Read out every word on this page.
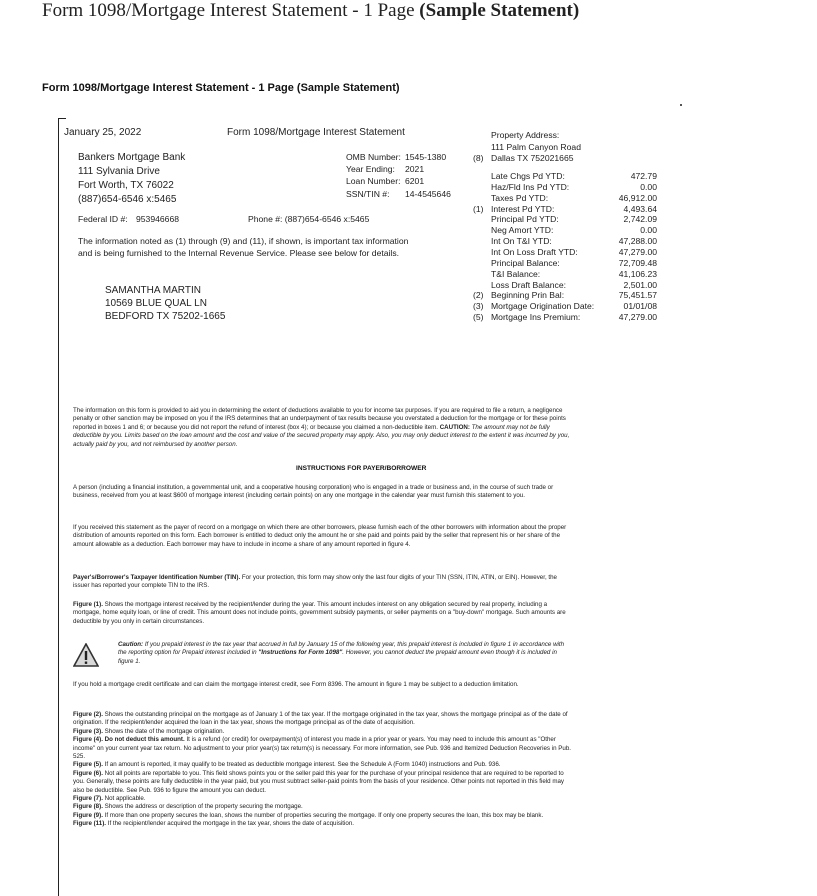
Form 1098/Mortgage Interest Statement - 1 Page (Sample Statement)
Form 1098/Mortgage Interest Statement - 1 Page (Sample Statement)
January 25, 2022	Form 1098/Mortgage Interest Statement
Bankers Mortgage Bank
111 Sylvania Drive
Fort Worth, TX 76022
(887)654-6546 x:5465
OMB Number: 1545-1380
Year Ending: 2021
Loan Number: 6201
SSN/TIN #: 14-4545646
Federal ID #: 953946668	Phone #: (887)654-6546 x:5465
The information noted as (1) through (9) and (11), if shown, is important tax information
and is being furnished to the Internal Revenue Service. Please see below for details.
SAMANTHA MARTIN
10569 BLUE QUAL LN
BEDFORD TX 75202-1665
Property Address:
111 Palm Canyon Road
(8) Dallas TX 752021665
Late Chgs Pd YTD:	472.79
Haz/Fld Ins Pd YTD:	0.00
Taxes Pd YTD:	46,912.00
(1) Interest Pd YTD:	4,493.64
Principal Pd YTD:	2,742.09
Neg Amort YTD:	0.00
Int On T&I YTD:	47,288.00
Int On Loss Draft YTD:	47,279.00
Principal Balance:	72,709.48
T&I Balance:	41,106.23
Loss Draft Balance:	2,501.00
(2) Beginning Prin Bal:	75,451.57
(3) Mortgage Origination Date:	01/01/08
(5) Mortgage Ins Premium:	47,279.00
The information on this form is provided to aid you in determining the extent of deductions available to you for income tax purposes. If you are required to file a return, a negligence penalty or other sanction may be imposed on you if the IRS determines that an underpayment of tax results because you overstated a deduction for the mortgage or for these points reported in boxes 1 and 6; or because you did not report the refund of interest (box 4); or because you claimed a non-deductible item. CAUTION: The amount may not be fully deductible by you. Limits based on the loan amount and the cost and value of the secured property may apply. Also, you may only deduct interest to the extent it was incurred by you, actually paid by you, and not reimbursed by another person.
INSTRUCTIONS FOR PAYER/BORROWER
A person (including a financial institution, a governmental unit, and a cooperative housing corporation) who is engaged in a trade or business and, in the course of such trade or business, received from you at least $600 of mortgage interest (including certain points) on any one mortgage in the calendar year must furnish this statement to you.
If you received this statement as the payer of record on a mortgage on which there are other borrowers, please furnish each of the other borrowers with information about the proper distribution of amounts reported on this form. Each borrower is entitled to deduct only the amount he or she paid and points paid by the seller that represent his or her share of the amount allowable as a deduction. Each borrower may have to include in income a share of any amount reported in figure 4.
Payer's/Borrower's Taxpayer Identification Number (TIN). For your protection, this form may show only the last four digits of your TIN (SSN, ITIN, ATIN, or EIN). However, the issuer has reported your complete TIN to the IRS.
Figure (1). Shows the mortgage interest received by the recipient/lender during the year. This amount includes interest on any obligation secured by real property, including a mortgage, home equity loan, or line of credit. This amount does not include points, government subsidy payments, or seller payments on a "buy-down" mortgage. Such amounts are deductible by you only in certain circumstances.
Caution: If you prepaid interest in the tax year that accrued in full by January 15 of the following year, this prepaid interest is included in figure 1 in accordance with the reporting option for Prepaid interest included in "Instructions for Form 1098". However, you cannot deduct the prepaid amount even though it is included in figure 1.
If you hold a mortgage credit certificate and can claim the mortgage interest credit, see Form 8396. The amount in figure 1 may be subject to a deduction limitation.
Figure (2). Shows the outstanding principal on the mortgage as of January 1 of the tax year. If the mortgage originated in the tax year, shows the mortgage principal as of the date of origination. If the recipient/lender acquired the loan in the tax year, shows the mortgage principal as of the date of acquisition.
Figure (3). Shows the date of the mortgage origination.
Figure (4). Do not deduct this amount. It is a refund (or credit) for overpayment(s) of interest you made in a prior year or years. You may need to include this amount as "Other income" on your current year tax return. No adjustment to your prior year(s) tax return(s) is necessary. For more information, see Pub. 936 and Itemized Deduction Recoveries in Pub. 525.
Figure (5). If an amount is reported, it may qualify to be treated as deductible mortgage interest. See the Schedule A (Form 1040) instructions and Pub. 936.
Figure (6). Not all points are reportable to you. This field shows points you or the seller paid this year for the purchase of your principal residence that are required to be reported to you. Generally, these points are fully deductible in the year paid, but you must subtract seller-paid points from the basis of your residence. Other points not reported in this field may also be deductible. See Pub. 936 to figure the amount you can deduct.
Figure (7). Not applicable.
Figure (8). Shows the address or description of the property securing the mortgage.
Figure (9). If more than one property secures the loan, shows the number of properties securing the mortgage. If only one property secures the loan, this box may be blank.
Figure (11). If the recipient/lender acquired the mortgage in the tax year, shows the date of acquisition.
